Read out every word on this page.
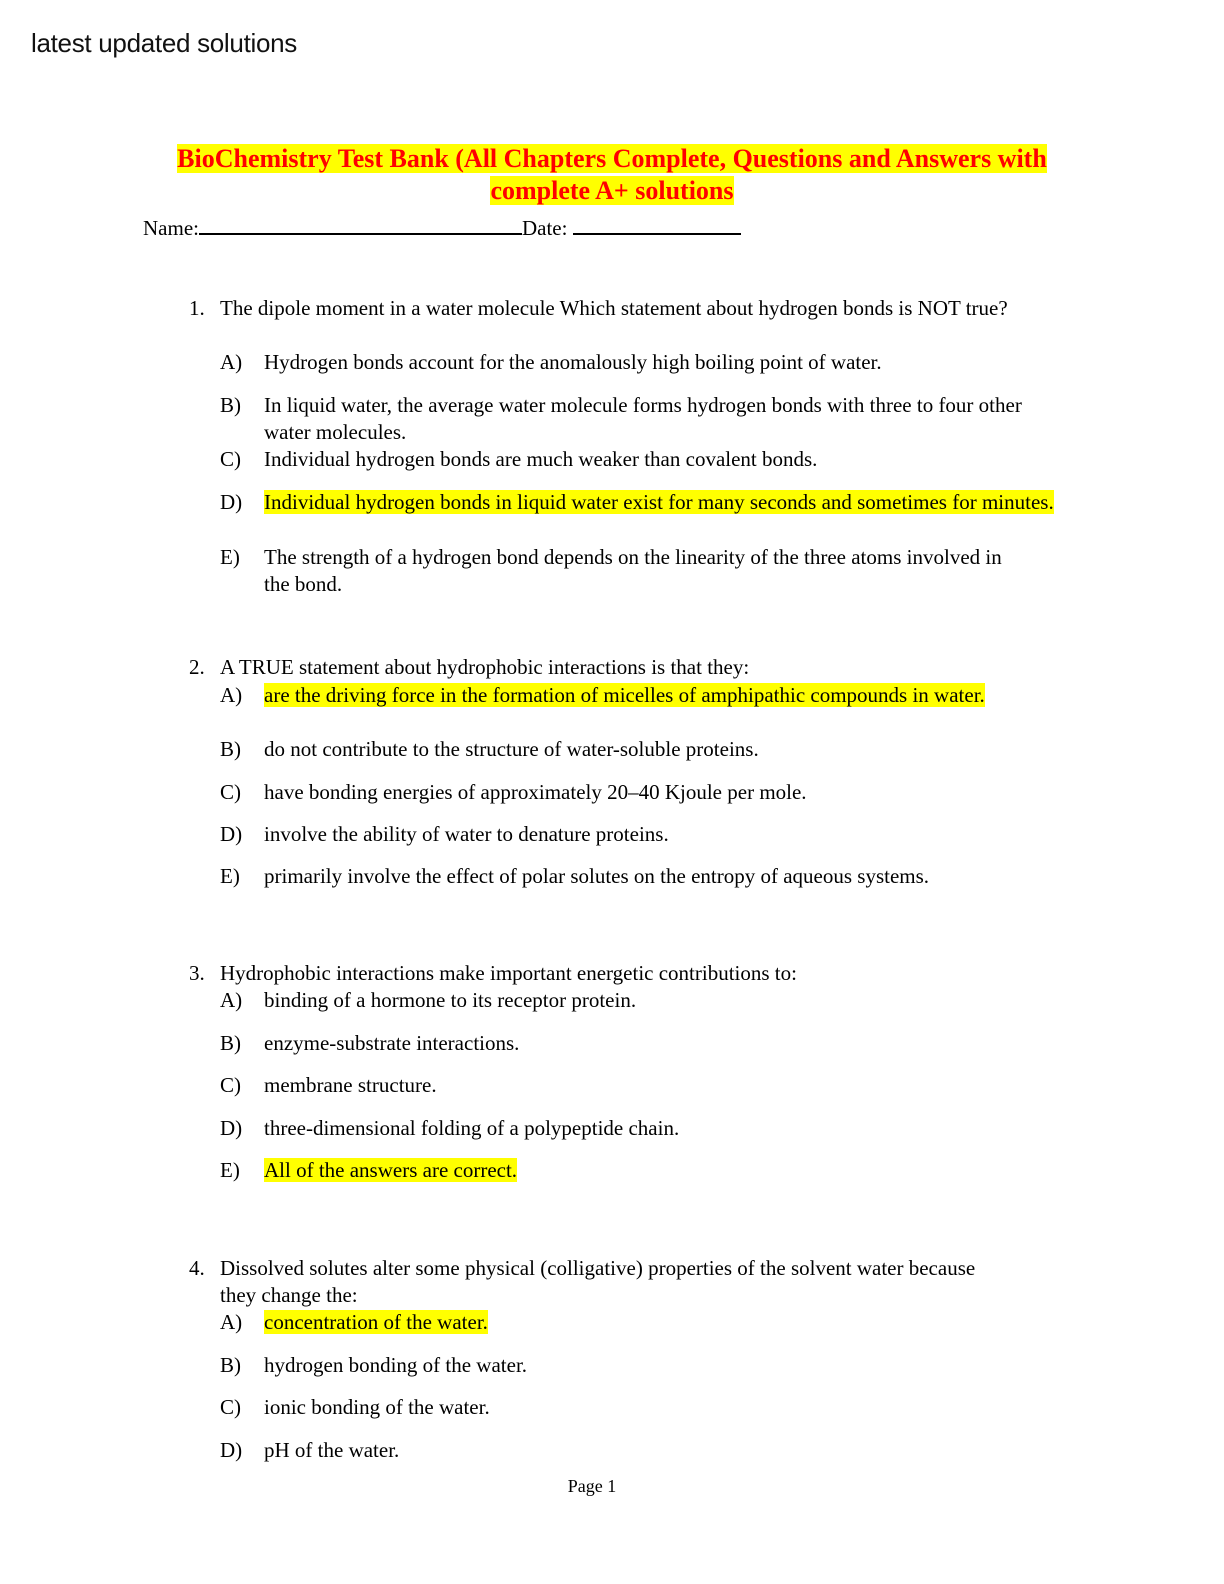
latest updated solutions
BioChemistry Test Bank (All Chapters Complete, Questions and Answers with
complete A+ solutions
Name:	Date:
1. The dipole moment in a water molecule Which statement about hydrogen bonds is NOT true?
A) Hydrogen bonds account for the anomalously high boiling point of water.
B) In liquid water, the average water molecule forms hydrogen bonds with three to four other water molecules.
C) Individual hydrogen bonds are much weaker than covalent bonds.
D) Individual hydrogen bonds in liquid water exist for many seconds and sometimes for minutes.
E) The strength of a hydrogen bond depends on the linearity of the three atoms involved in the bond.
2. A TRUE statement about hydrophobic interactions is that they:
A) are the driving force in the formation of micelles of amphipathic compounds in water.
B) do not contribute to the structure of water-soluble proteins.
C) have bonding energies of approximately 20–40 Kjoule per mole.
D) involve the ability of water to denature proteins.
E) primarily involve the effect of polar solutes on the entropy of aqueous systems.
3. Hydrophobic interactions make important energetic contributions to:
A) binding of a hormone to its receptor protein.
B) enzyme-substrate interactions.
C) membrane structure.
D) three-dimensional folding of a polypeptide chain.
E) All of the answers are correct.
4. Dissolved solutes alter some physical (colligative) properties of the solvent water because they change the:
A) concentration of the water.
B) hydrogen bonding of the water.
C) ionic bonding of the water.
D) pH of the water.
Page 1
